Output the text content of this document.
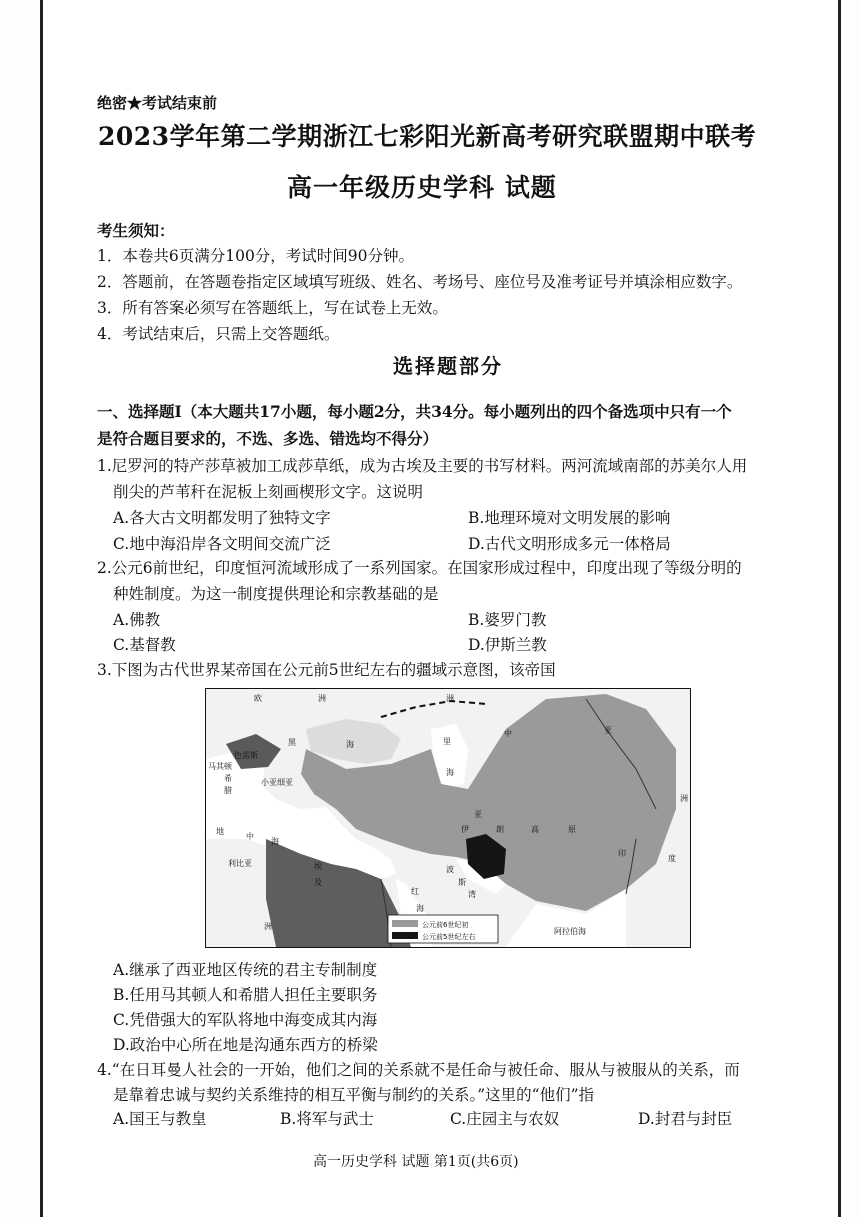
绝密★考试结束前
2023学年第二学期浙江七彩阳光新高考研究联盟期中联考
高一年级历史学科 试题
考生须知：
1．本卷共6页满分100分，考试时间90分钟。
2．答题前，在答题卷指定区域填写班级、姓名、考场号、座位号及准考证号并填涂相应数字。
3．所有答案必须写在答题纸上，写在试卷上无效。
4．考试结束后，只需上交答题纸。
选择题部分
一、选择题Ⅰ（本大题共17小题，每小题2分，共34分。每小题列出的四个备选项中只有一个
是符合题目要求的，不选、多选、错选均不得分）
1.尼罗河的特产莎草被加工成莎草纸，成为古埃及主要的书写材料。两河流域南部的苏美尔人用
削尖的芦苇秆在泥板上刻画楔形文字。这说明
A.各大古文明都发明了独特文字	B.地理环境对文明发展的影响
C.地中海沿岸各文明间交流广泛	D.古代文明形成多元一体格局
2.公元6前世纪，印度恒河流域形成了一系列国家。在国家形成过程中，印度出现了等级分明的
种姓制度。为这一制度提供理论和宗教基础的是
A.佛教	B.婆罗门教
C.基督教	D.伊斯兰教
3.下图为古代世界某帝国在公元前5世纪左右的疆域示意图，该帝国
欧	洲	洲
黑	海
色雷斯
马其顿
希
腊
小亚细亚
地
中
海
利比亚	埃
及
洲
里
海
中	亚
洲
亚
伊	朗	高	原
印
度
红
海
波
斯
湾
阿拉伯海
公元前6世纪初
公元前5世纪左右
A.继承了西亚地区传统的君主专制制度
B.任用马其顿人和希腊人担任主要职务
C.凭借强大的军队将地中海变成其内海
D.政治中心所在地是沟通东西方的桥梁
4.“在日耳曼人社会的一开始，他们之间的关系就不是任命与被任命、服从与被服从的关系，而
是靠着忠诚与契约关系维持的相互平衡与制约的关系。”这里的“他们”指
A.国王与教皇	B.将军与武士	C.庄园主与农奴	D.封君与封臣
高一历史学科 试题 第1页(共6页)
